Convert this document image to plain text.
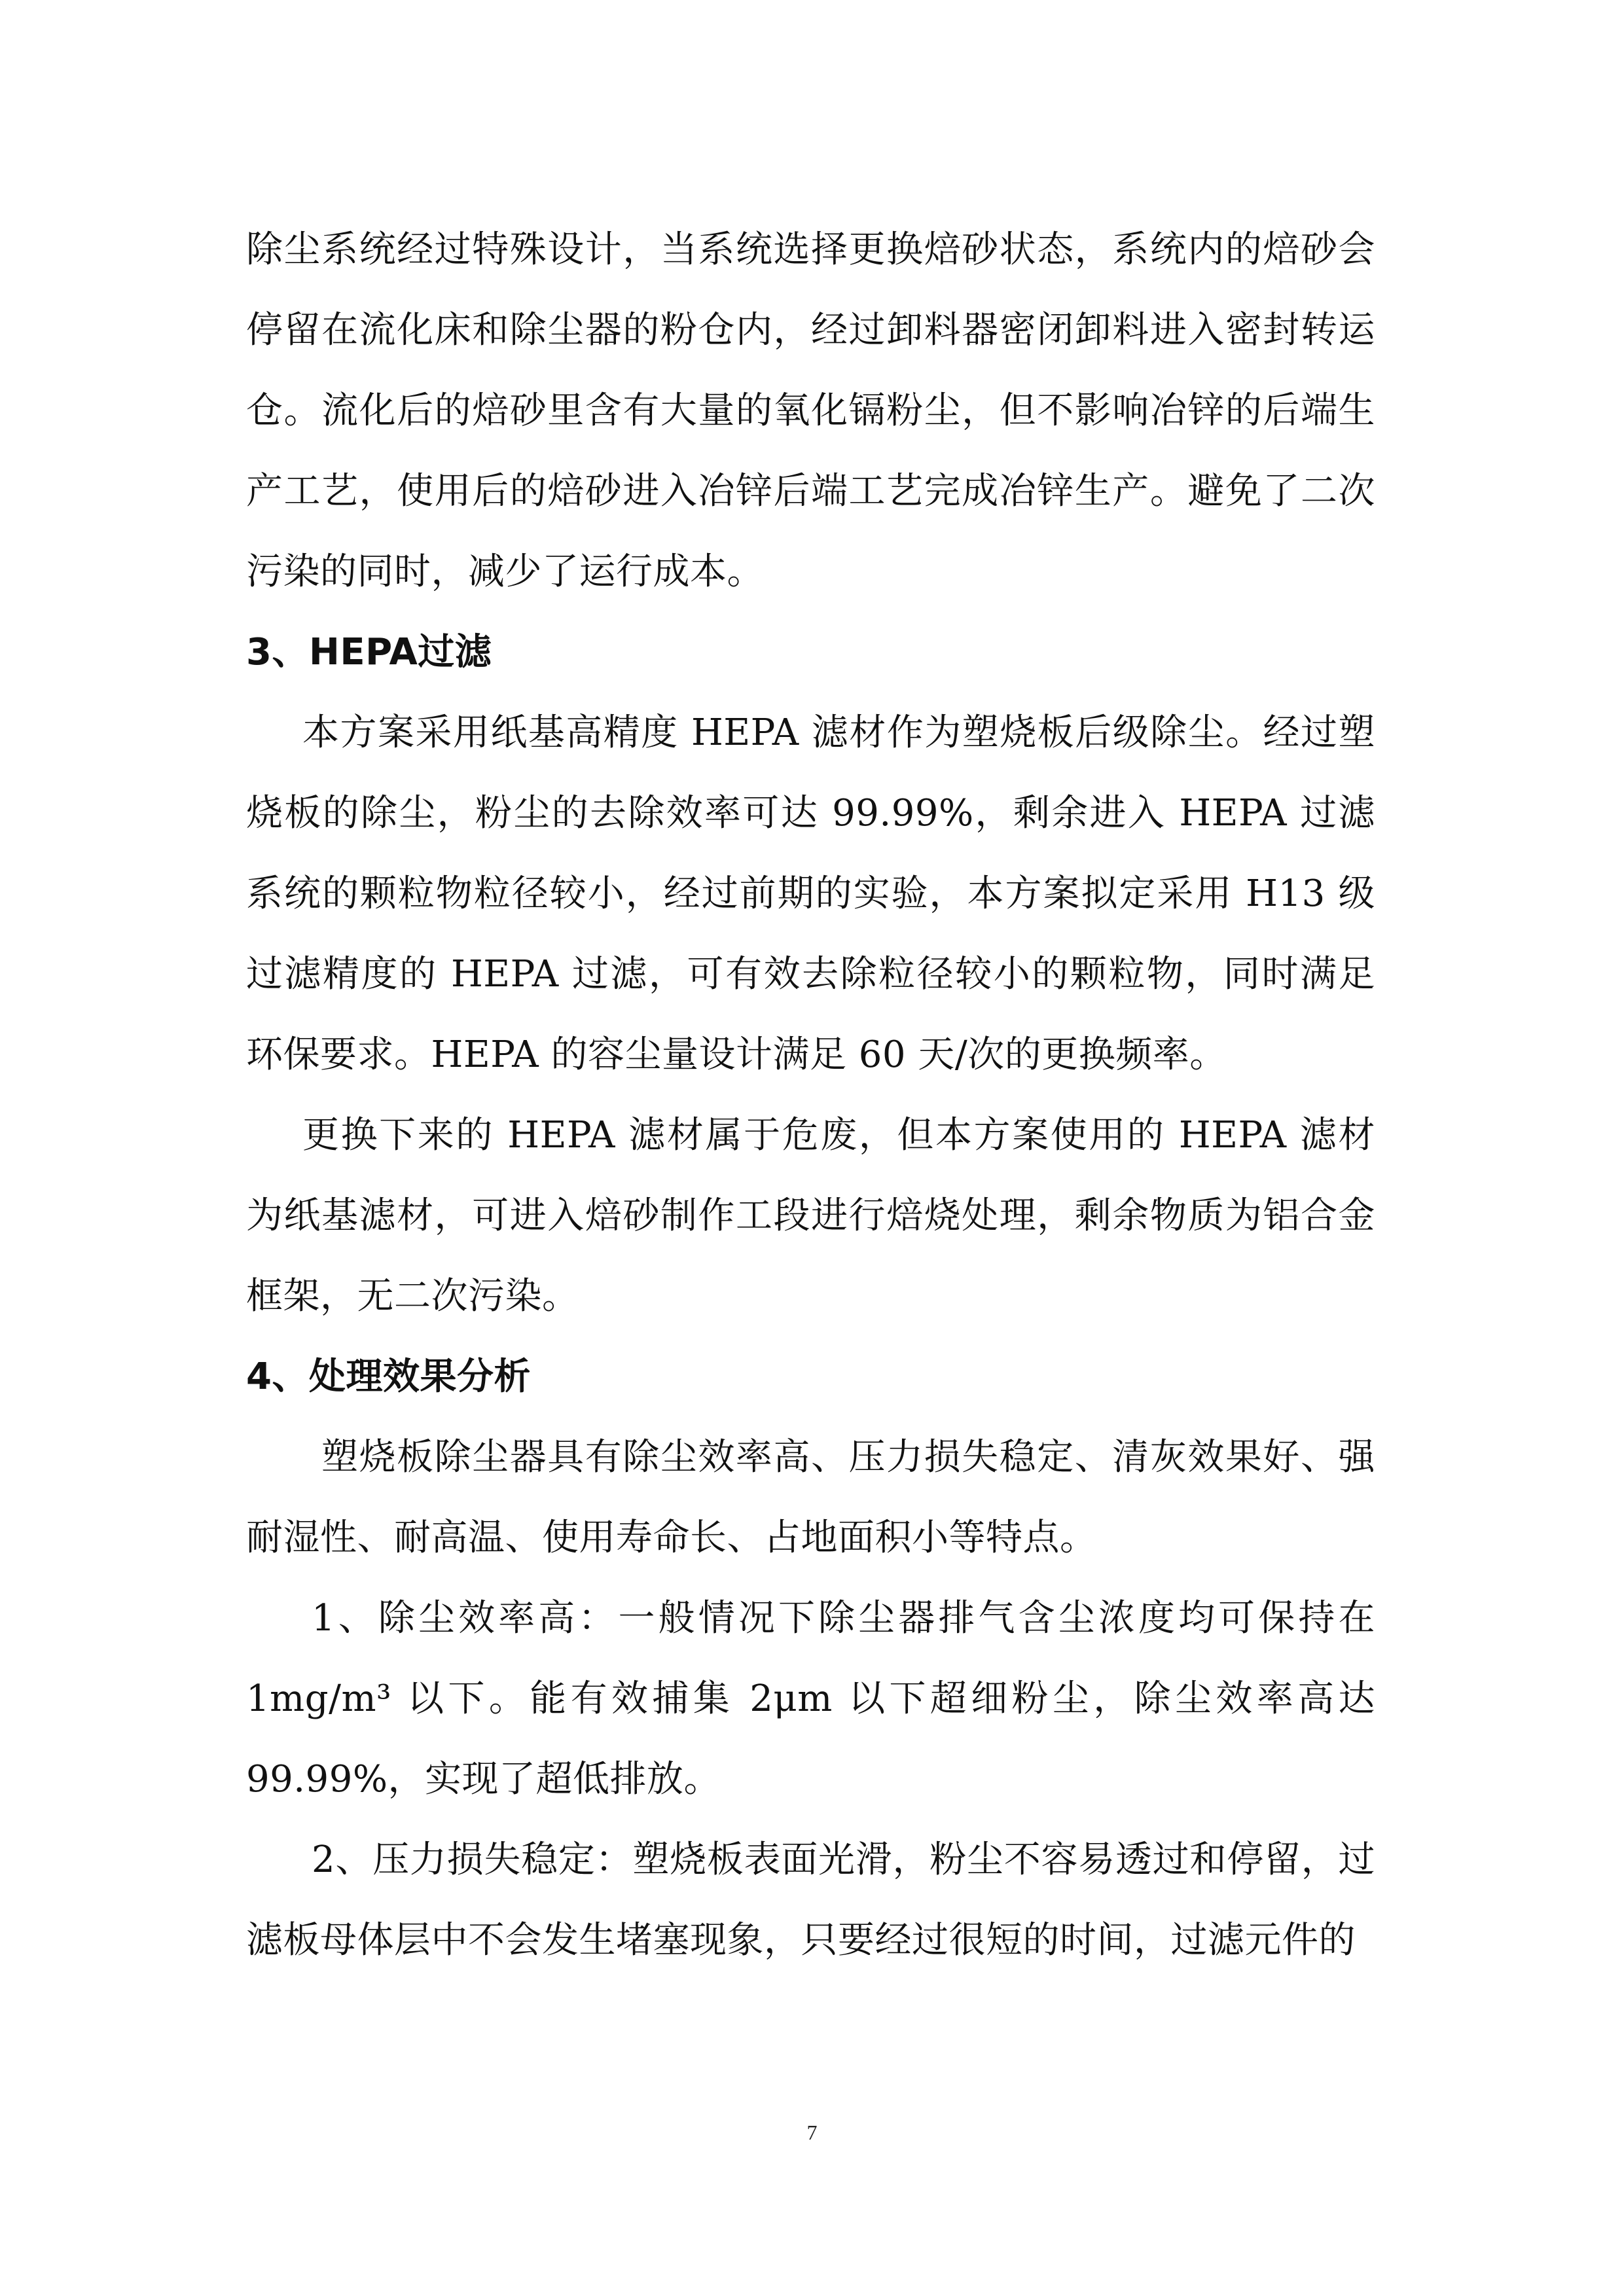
除尘系统经过特殊设计，当系统选择更换焙砂状态，系统内的焙砂会停留在流化床和除尘器的粉仓内，经过卸料器密闭卸料进入密封转运仓。流化后的焙砂里含有大量的氧化镉粉尘，但不影响冶锌的后端生产工艺，使用后的焙砂进入冶锌后端工艺完成冶锌生产。避免了二次污染的同时，减少了运行成本。

3、HEPA过滤

本方案采用纸基高精度 HEPA 滤材作为塑烧板后级除尘。经过塑烧板的除尘，粉尘的去除效率可达 99.99%，剩余进入 HEPA 过滤系统的颗粒物粒径较小，经过前期的实验，本方案拟定采用 H13 级过滤精度的 HEPA 过滤，可有效去除粒径较小的颗粒物，同时满足环保要求。HEPA 的容尘量设计满足 60 天/次的更换频率。

更换下来的 HEPA 滤材属于危废，但本方案使用的 HEPA 滤材为纸基滤材，可进入焙砂制作工段进行焙烧处理，剩余物质为铝合金框架，无二次污染。

4、处理效果分析

塑烧板除尘器具有除尘效率高、压力损失稳定、清灰效果好、强耐湿性、耐高温、使用寿命长、占地面积小等特点。

1、除尘效率高：一般情况下除尘器排气含尘浓度均可保持在 1mg/m³ 以下。能有效捕集 2μm 以下超细粉尘，除尘效率高达 99.99%，实现了超低排放。

2、压力损失稳定：塑烧板表面光滑，粉尘不容易透过和停留，过滤板母体层中不会发生堵塞现象，只要经过很短的时间，过滤元件的

7
